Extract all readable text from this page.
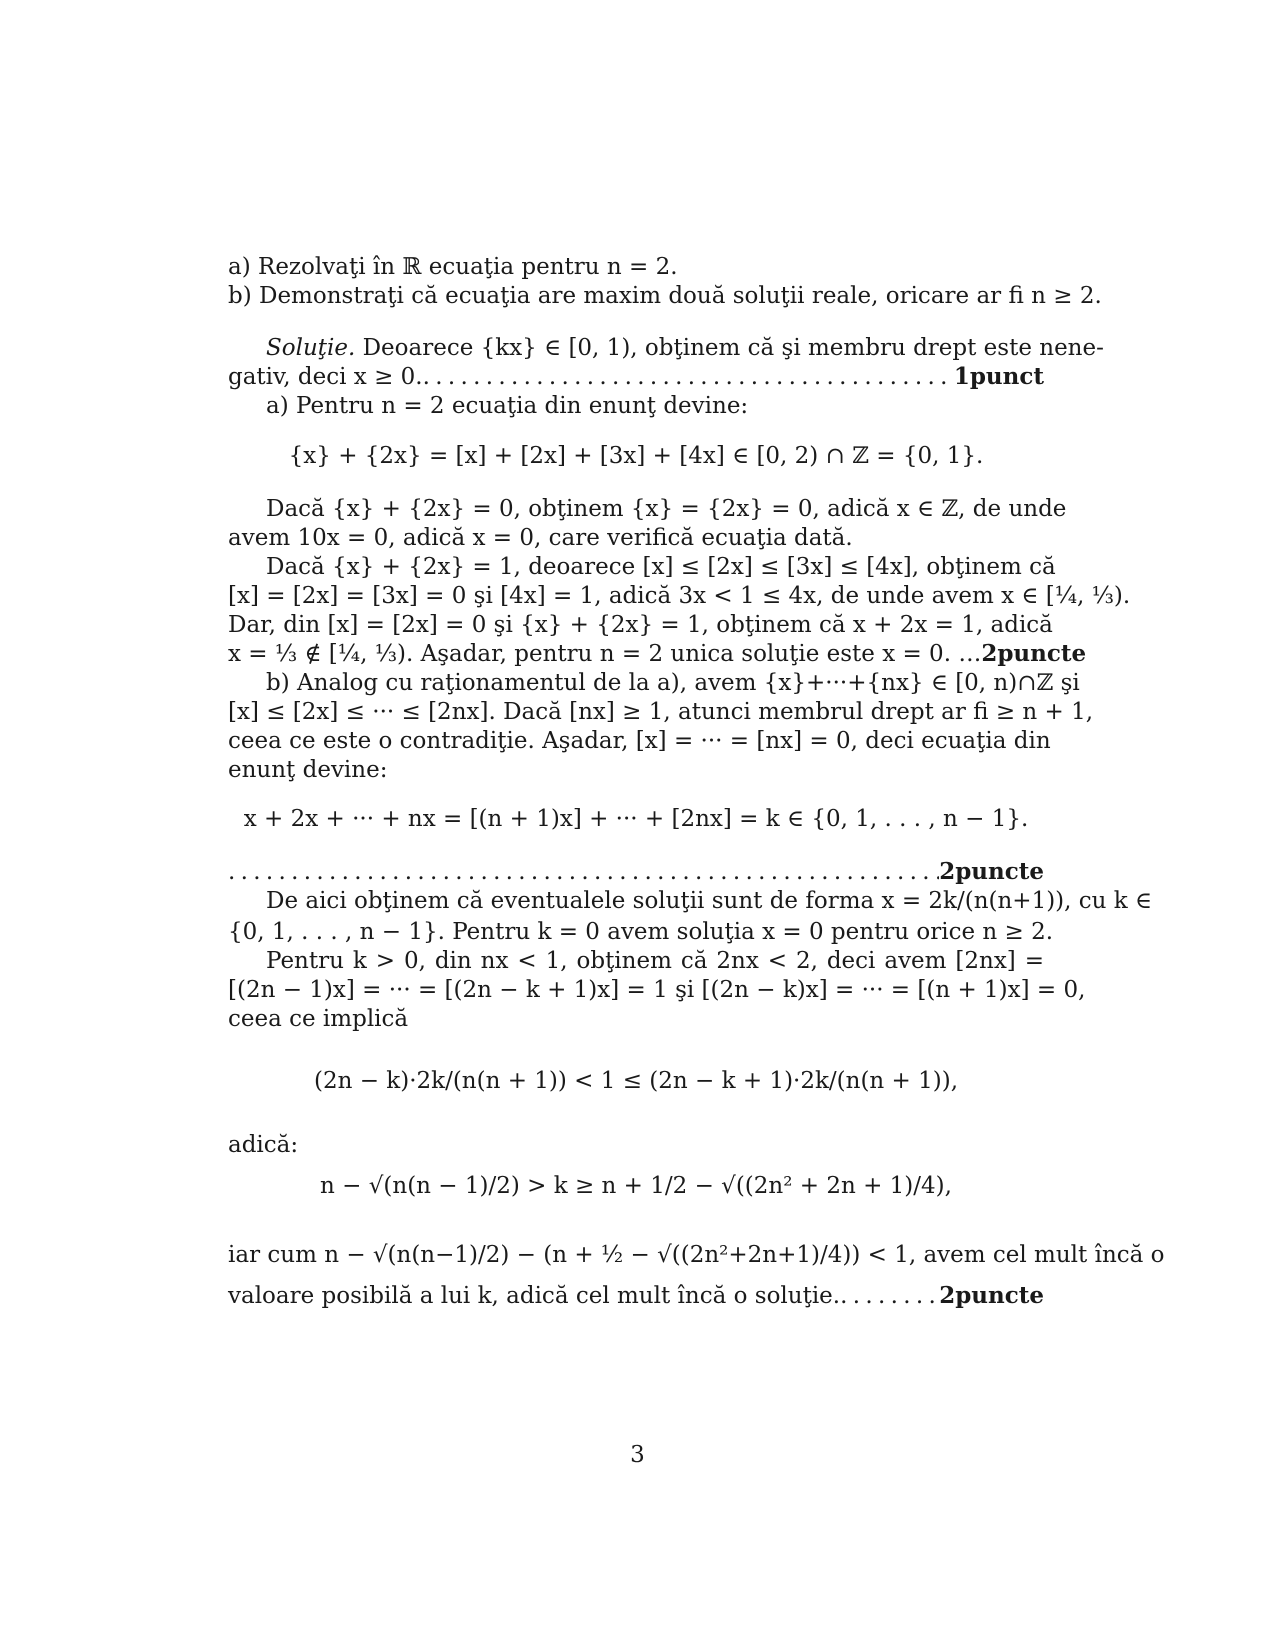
a) Rezolvaţi în ℝ ecuaţia pentru n = 2.
b) Demonstraţi că ecuaţia are maxim două soluţii reale, oricare ar fi n ≥ 2.
Soluţie. Deoarece {kx} ∈ [0, 1), obţinem că şi membru drept este nene-
gativ, deci x ≥ 0. . . .	1punct
a) Pentru n = 2 ecuaţia din enunţ devine:
{x} + {2x} = [x] + [2x] + [3x] + [4x] ∈ [0, 2) ∩ ℤ = {0, 1}.
Dacă {x} + {2x} = 0, obţinem {x} = {2x} = 0, adică x ∈ ℤ, de unde
avem 10x = 0, adică x = 0, care verifică ecuaţia dată.
Dacă {x} + {2x} = 1, deoarece [x] ≤ [2x] ≤ [3x] ≤ [4x], obţinem că
[x] = [2x] = [3x] = 0 şi [4x] = 1, adică 3x < 1 ≤ 4x, de unde avem x ∈ [¼, ⅓).
Dar, din [x] = [2x] = 0 şi {x} + {2x} = 1, obţinem că x + 2x = 1, adică
x = ⅓ ∉ [¼, ⅓). Aşadar, pentru n = 2 unica soluţie este x = 0. … 2puncte
b) Analog cu raţionamentul de la a), avem {x}+···+{nx} ∈ [0, n)∩ℤ şi
[x] ≤ [2x] ≤ ··· ≤ [2nx]. Dacă [nx] ≥ 1, atunci membrul drept ar fi ≥ n + 1,
ceea ce este o contradiţie. Aşadar, [x] = ··· = [nx] = 0, deci ecuaţia din
enunţ devine:
x + 2x + ··· + nx = [(n + 1)x] + ··· + [2nx] = k ∈ {0, 1, . . . , n − 1}.
. . .
2puncte
De aici obţinem că eventualele soluţii sunt de forma x = 2k/(n(n+1)), cu k ∈
{0, 1, . . . , n − 1}. Pentru k = 0 avem soluţia x = 0 pentru orice n ≥ 2.
Pentru k > 0, din nx < 1, obţinem că 2nx < 2, deci avem [2nx] =
[(2n − 1)x] = ··· = [(2n − k + 1)x] = 1 şi [(2n − k)x] = ··· = [(n + 1)x] = 0,
ceea ce implică
(2n − k)·2k/(n(n + 1)) < 1 ≤ (2n − k + 1)·2k/(n(n + 1)),
adică:
n − √(n(n − 1)/2) > k ≥ n + 1/2 − √((2n² + 2n + 1)/4),
iar cum n − √(n(n−1)/2) − (n + ½ − √((2n²+2n+1)/4)) < 1, avem cel mult încă o
valoare posibilă a lui k, adică cel mult încă o soluţie. . . .	2puncte
3
